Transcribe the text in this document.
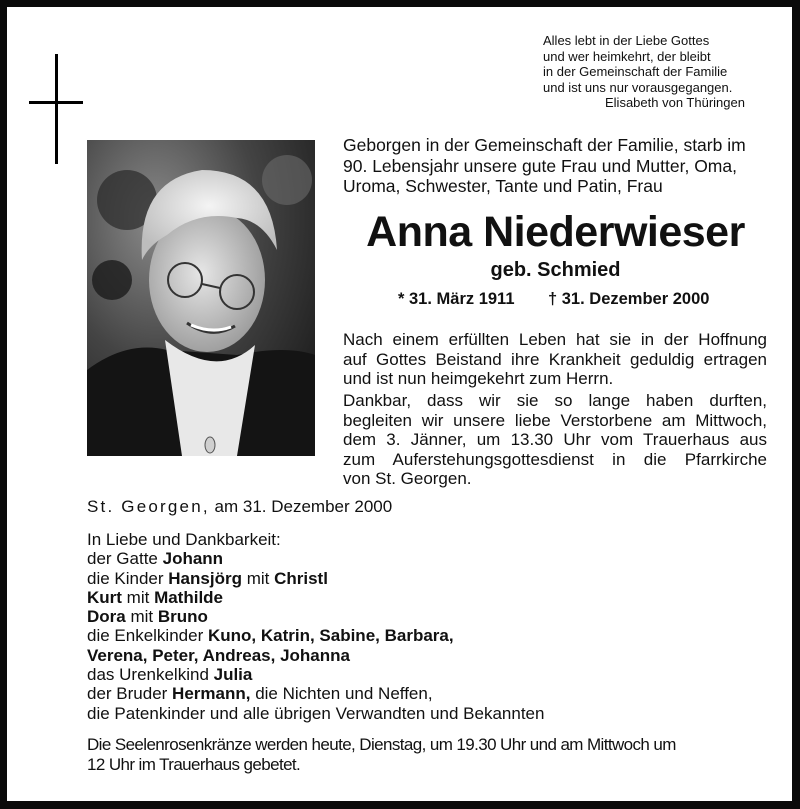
Alles lebt in der Liebe Gottes
und wer heimkehrt, der bleibt
in der Gemeinschaft der Familie
und ist uns nur vorausgegangen.
Elisabeth von Thüringen
Geborgen in der Gemeinschaft der Familie, starb im
90. Lebensjahr unsere gute Frau und Mutter, Oma,
Uroma, Schwester, Tante und Patin, Frau
Anna Niederwieser
geb. Schmied
* 31. März 1911 † 31. Dezember 2000
Nach einem erfüllten Leben hat sie in der Hoffnung
auf Gottes Beistand ihre Krankheit geduldig ertragen
und ist nun heimgekehrt zum Herrn.
Dankbar, dass wir sie so lange haben durften,
begleiten wir unsere liebe Verstorbene am Mittwoch,
dem 3. Jänner, um 13.30 Uhr vom Trauerhaus aus
zum Auferstehungsgottesdienst in die Pfarrkirche
von St. Georgen.
St. Georgen, am 31. Dezember 2000
In Liebe und Dankbarkeit:
der Gatte Johann
die Kinder Hansjörg mit Christl
Kurt mit Mathilde
Dora mit Bruno
die Enkelkinder Kuno, Katrin, Sabine, Barbara,
Verena, Peter, Andreas, Johanna
das Urenkelkind Julia
der Bruder Hermann, die Nichten und Neffen,
die Patenkinder und alle übrigen Verwandten und Bekannten
Die Seelenrosenkränze werden heute, Dienstag, um 19.30 Uhr und am Mittwoch um
12 Uhr im Trauerhaus gebetet.
